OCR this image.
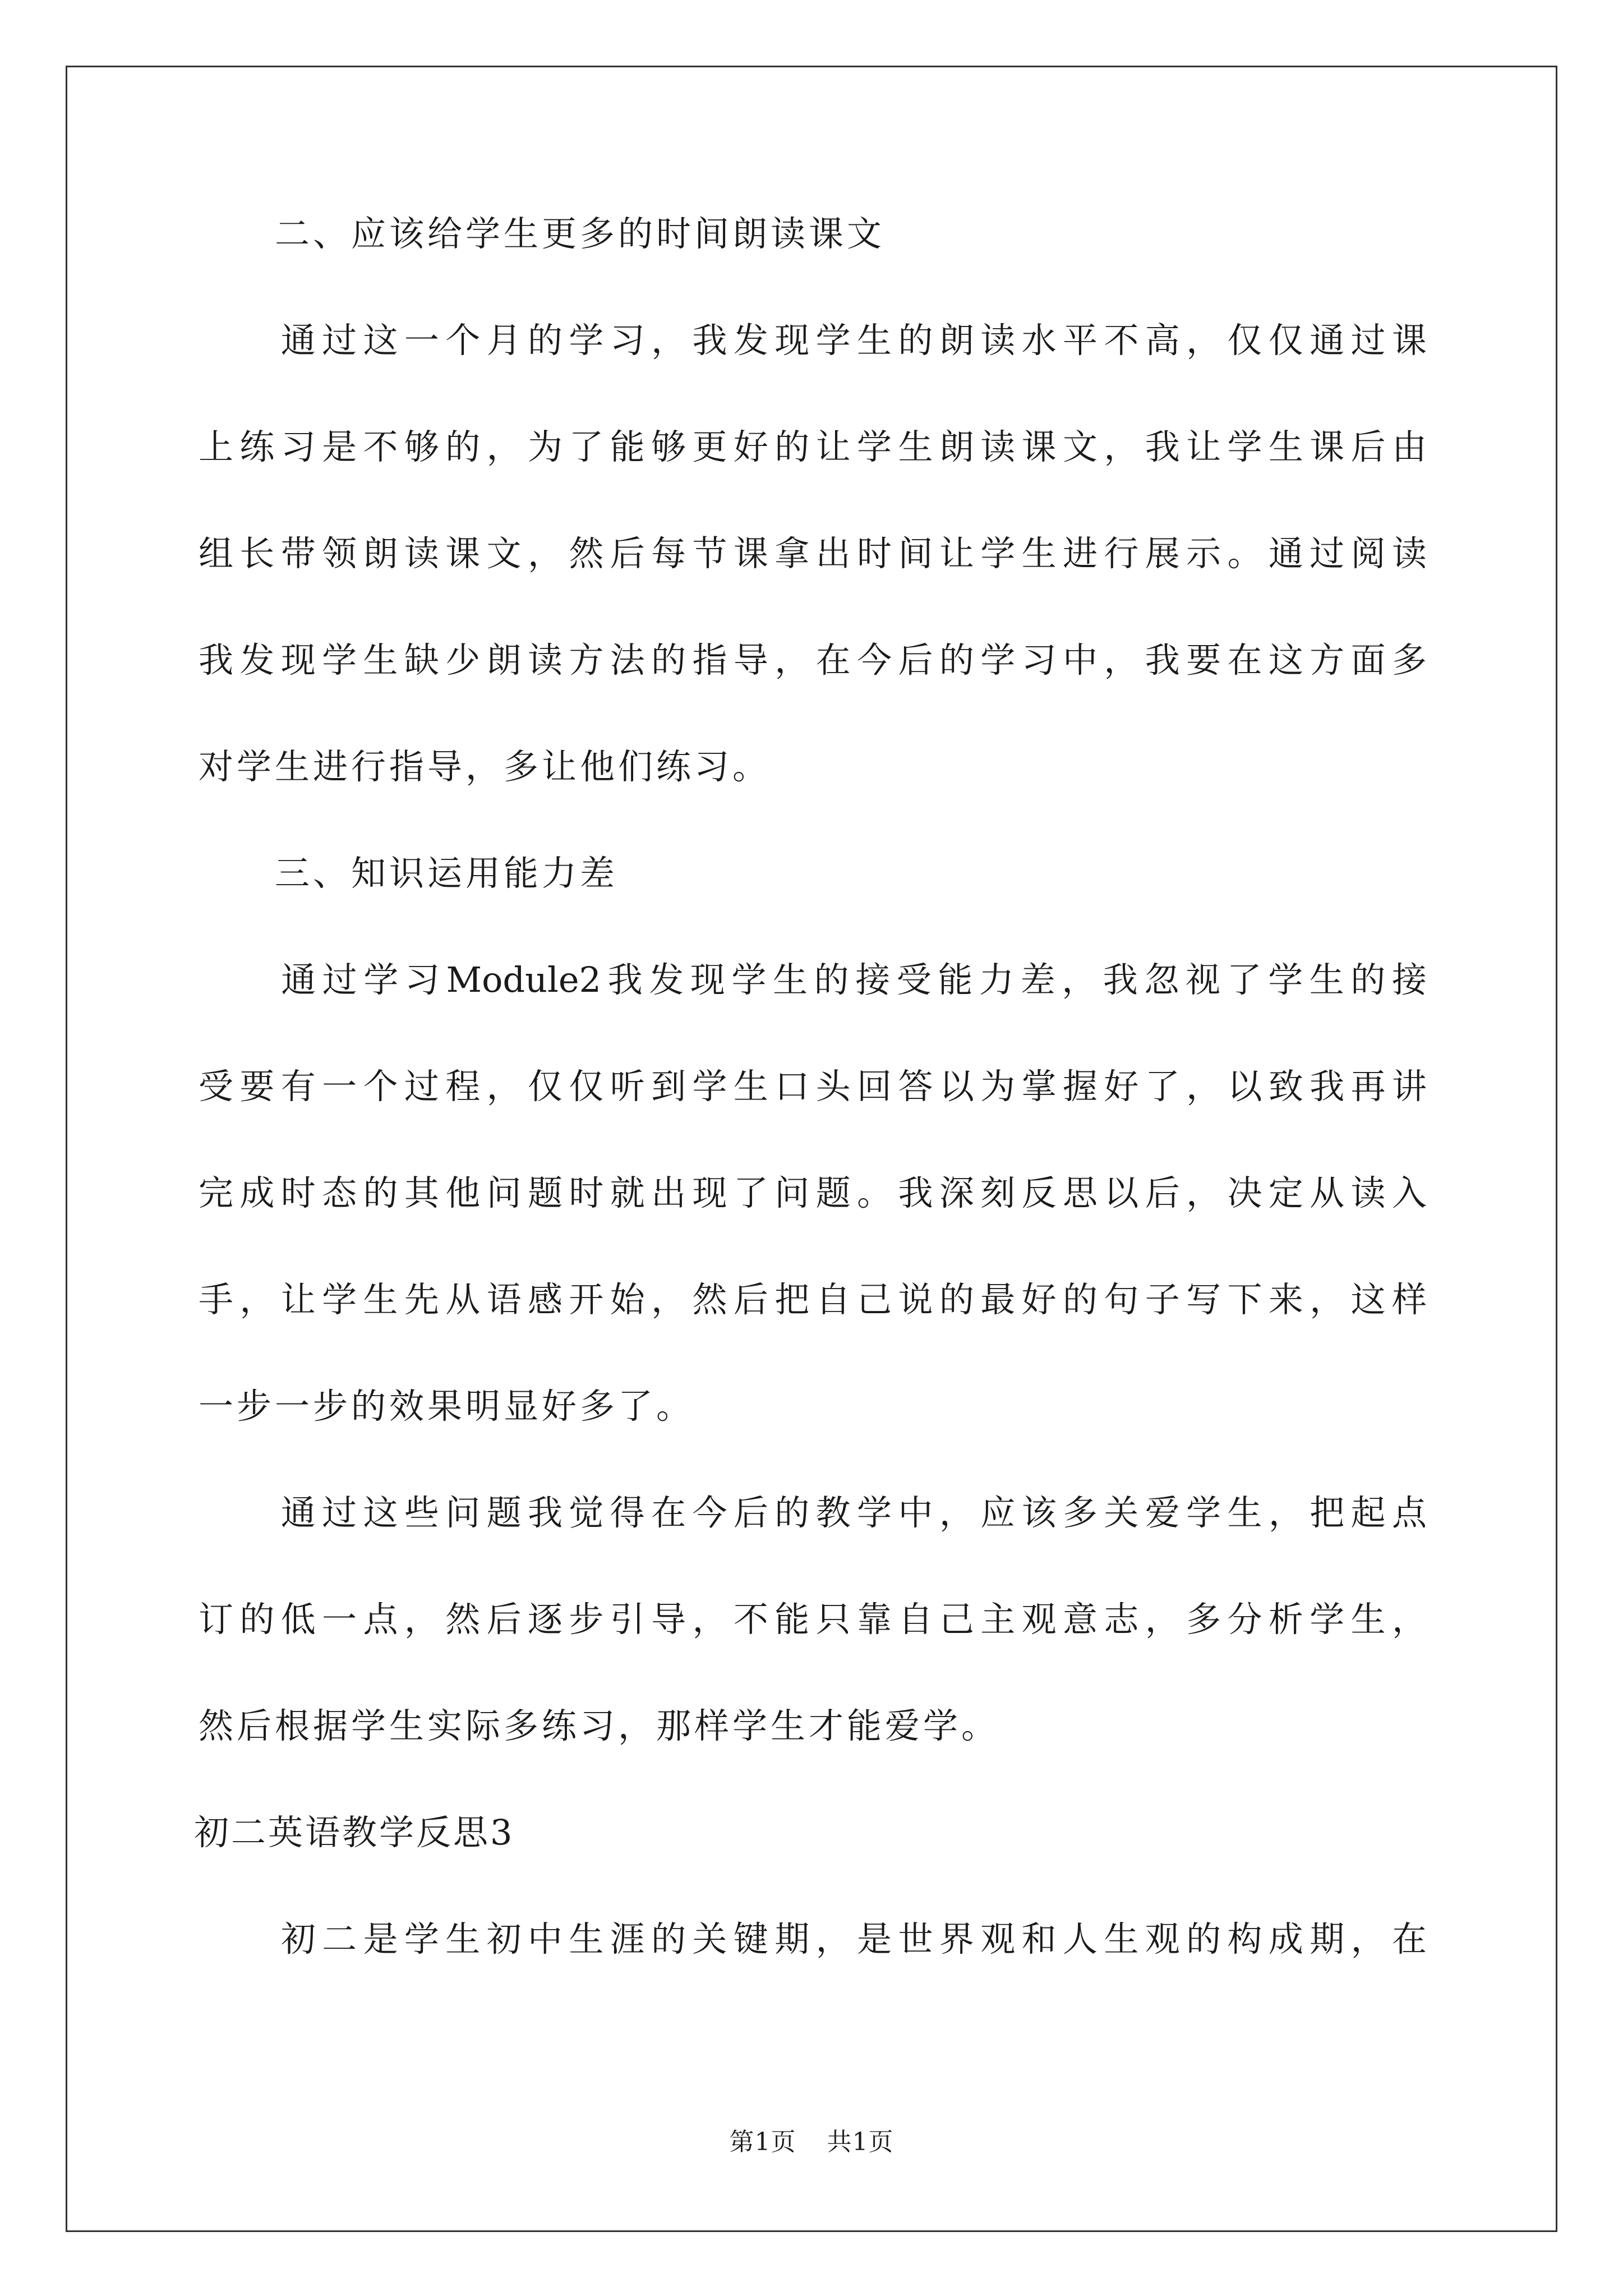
　　二、应该给学生更多的时间朗读课文
　　通过这一个月的学习，我发现学生的朗读水平不高，仅仅通过课
上练习是不够的，为了能够更好的让学生朗读课文，我让学生课后由
组长带领朗读课文，然后每节课拿出时间让学生进行展示。通过阅读
我发现学生缺少朗读方法的指导，在今后的学习中，我要在这方面多
对学生进行指导，多让他们练习。
　　三、知识运用能力差
　　通过学习Module2我发现学生的接受能力差，我忽视了学生的接
受要有一个过程，仅仅听到学生口头回答以为掌握好了，以致我再讲
完成时态的其他问题时就出现了问题。我深刻反思以后，决定从读入
手，让学生先从语感开始，然后把自己说的最好的句子写下来，这样
一步一步的效果明显好多了。
　　通过这些问题我觉得在今后的教学中，应该多关爱学生，把起点
订的低一点，然后逐步引导，不能只靠自己主观意志，多分析学生，
然后根据学生实际多练习，那样学生才能爱学。
初二英语教学反思3
　　初二是学生初中生涯的关键期，是世界观和人生观的构成期，在
第1页 共1页
